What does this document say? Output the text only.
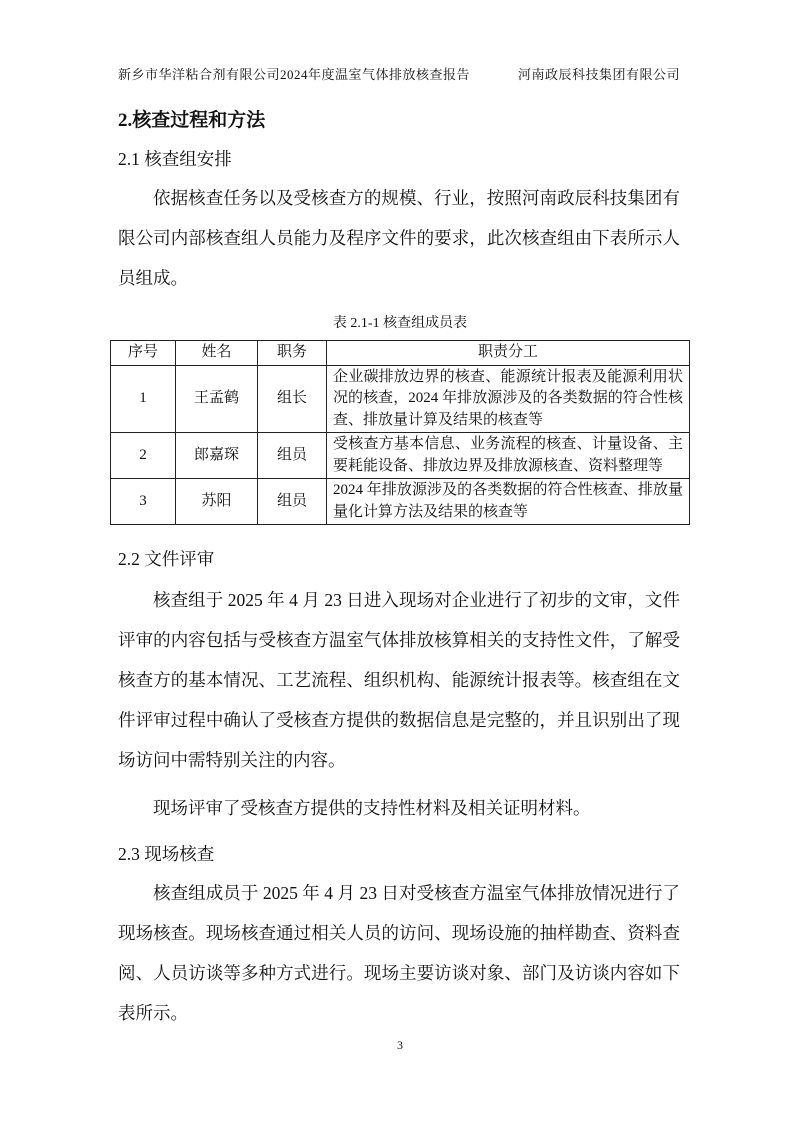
新乡市华洋粘合剂有限公司2024年度温室气体排放核查报告	河南政辰科技集团有限公司
2.核查过程和方法
2.1 核查组安排
依据核查任务以及受核查方的规模、行业，按照河南政辰科技集团有限公司内部核查组人员能力及程序文件的要求，此次核查组由下表所示人员组成。
表 2.1-1 核查组成员表
序号	姓名	职务	职责分工
1	王孟鹤	组长	企业碳排放边界的核查、能源统计报表及能源利用状况的核查，2024 年排放源涉及的各类数据的符合性核查、排放量计算及结果的核查等
2	郎嘉琛	组员	受核查方基本信息、业务流程的核查、计量设备、主要耗能设备、排放边界及排放源核查、资料整理等
3	苏阳	组员	2024 年排放源涉及的各类数据的符合性核查、排放量量化计算方法及结果的核查等
2.2 文件评审
核查组于 2025 年 4 月 23 日进入现场对企业进行了初步的文审，文件评审的内容包括与受核查方温室气体排放核算相关的支持性文件，了解受核查方的基本情况、工艺流程、组织机构、能源统计报表等。核查组在文件评审过程中确认了受核查方提供的数据信息是完整的，并且识别出了现场访问中需特别关注的内容。
现场评审了受核查方提供的支持性材料及相关证明材料。
2.3 现场核查
核查组成员于 2025 年 4 月 23 日对受核查方温室气体排放情况进行了现场核查。现场核查通过相关人员的访问、现场设施的抽样勘查、资料查阅、人员访谈等多种方式进行。现场主要访谈对象、部门及访谈内容如下表所示。
3
